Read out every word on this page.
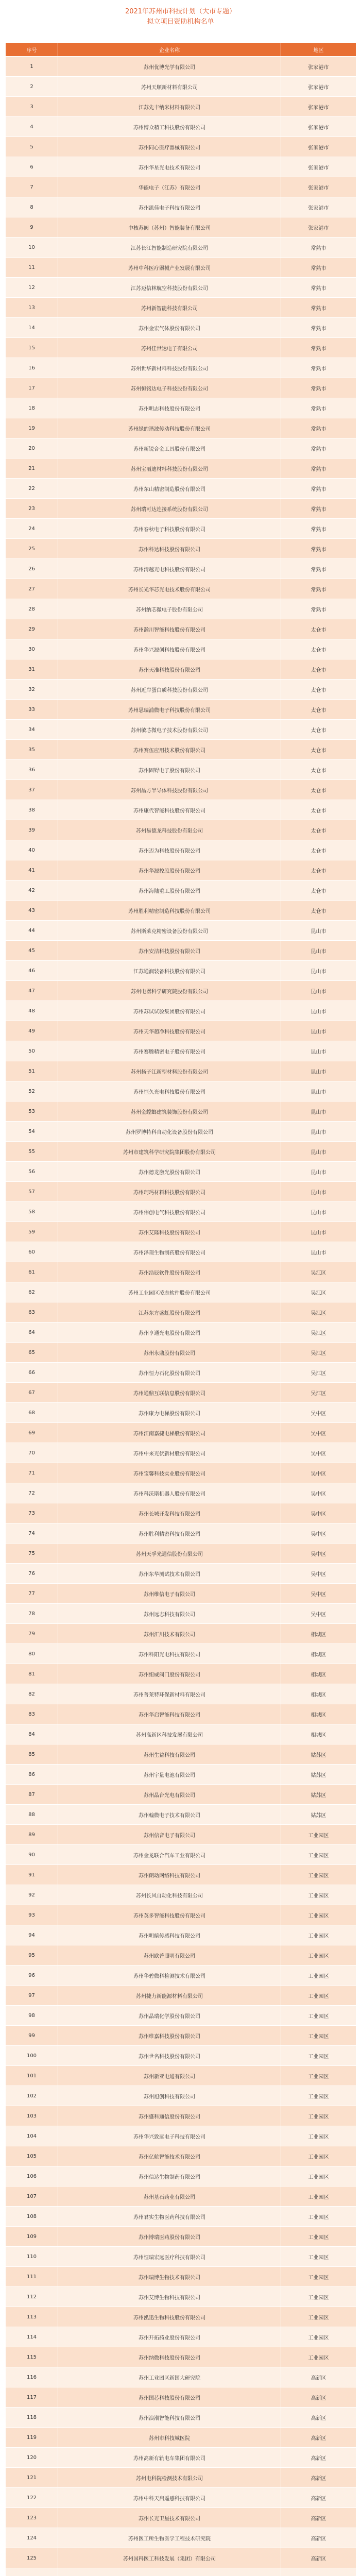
2021年苏州市科技计划（大市专题）
拟立项目资助机构名单
序号	企业名称	地区
1	苏州优博光学有限公司	张家港市
2	苏州天顺新材料有限公司	张家港市
3	江苏先丰纳米材料有限公司	张家港市
4	苏州博众精工科技股份有限公司	张家港市
5	苏州同心医疗器械有限公司	张家港市
6	苏州华星光电技术有限公司	张家港市
7	华能电子（江苏）有限公司	张家港市
8	苏州凯佳电子科技有限公司	张家港市
9	中核苏阀（苏州）智能装备有限公司	张家港市
10	江苏长江智能制造研究院有限公司	常熟市
11	苏州中科医疗器械产业发展有限公司	常熟市
12	江苏迈信林航空科技股份有限公司	常熟市
13	苏州新智能科技有限公司	常熟市
14	苏州金宏气体股份有限公司	常熟市
15	苏州佳世达电子有限公司	常熟市
16	苏州世华新材料科技股份有限公司	常熟市
17	苏州恒铭达电子科技股份有限公司	常熟市
18	苏州明志科技股份有限公司	常熟市
19	苏州绿的谐波传动科技股份有限公司	常熟市
20	苏州新锐合金工具股份有限公司	常熟市
21	苏州宝丽迪材料科技股份有限公司	常熟市
22	苏州东山精密制造股份有限公司	常熟市
23	苏州瑞可达连接系统股份有限公司	常熟市
24	苏州春秋电子科技股份有限公司	常熟市
25	苏州科达科技股份有限公司	常熟市
26	苏州清越光电科技股份有限公司	常熟市
27	苏州长光华芯光电技术股份有限公司	常熟市
28	苏州纳芯微电子股份有限公司	常熟市
29	苏州瀚川智能科技股份有限公司	太仓市
30	苏州华兴源创科技股份有限公司	太仓市
31	苏州天准科技股份有限公司	太仓市
32	苏州近岸蛋白质科技股份有限公司	太仓市
33	苏州思瑞浦微电子科技股份有限公司	太仓市
34	苏州敏芯微电子技术股份有限公司	太仓市
35	苏州赛伍应用技术股份有限公司	太仓市
36	苏州固锝电子股份有限公司	太仓市
37	苏州晶方半导体科技股份有限公司	太仓市
38	苏州康代智能科技股份有限公司	太仓市
39	苏州易德龙科技股份有限公司	太仓市
40	苏州迈为科技股份有限公司	太仓市
41	苏州华源控股股份有限公司	太仓市
42	苏州海陆重工股份有限公司	太仓市
43	苏州胜利精密制造科技股份有限公司	太仓市
44	苏州斯莱克精密设备股份有限公司	昆山市
45	苏州安洁科技股份有限公司	昆山市
46	江苏通润装备科技股份有限公司	昆山市
47	苏州电器科学研究院股份有限公司	昆山市
48	苏州苏试试验集团股份有限公司	昆山市
49	苏州天华超净科技股份有限公司	昆山市
50	苏州赛腾精密电子股份有限公司	昆山市
51	苏州扬子江新型材料股份有限公司	昆山市
52	苏州恒久光电科技股份有限公司	昆山市
53	苏州金螳螂建筑装饰股份有限公司	昆山市
54	苏州罗博特科自动化设备股份有限公司	昆山市
55	苏州市建筑科学研究院集团股份有限公司	昆山市
56	苏州德龙激光股份有限公司	昆山市
57	苏州珂玛材料科技股份有限公司	昆山市
58	苏州伟创电气科技股份有限公司	昆山市
59	苏州艾隆科技股份有限公司	昆山市
60	苏州泽璟生物制药股份有限公司	昆山市
61	苏州浩辰软件股份有限公司	吴江区
62	苏州工业园区凌志软件股份有限公司	吴江区
63	江苏东方盛虹股份有限公司	吴江区
64	苏州亨通光电股份有限公司	吴江区
65	苏州永鼎股份有限公司	吴江区
66	苏州恒力石化股份有限公司	吴江区
67	苏州通鼎互联信息股份有限公司	吴江区
68	苏州康力电梯股份有限公司	吴中区
69	苏州江南嘉捷电梯股份有限公司	吴中区
70	苏州中来光伏新材股份有限公司	吴中区
71	苏州宝馨科技实业股份有限公司	吴中区
72	苏州科沃斯机器人股份有限公司	吴中区
73	苏州长城开发科技有限公司	吴中区
74	苏州胜利精密科技有限公司	吴中区
75	苏州天孚光通信股份有限公司	吴中区
76	苏州东华测试技术有限公司	吴中区
77	苏州维信电子有限公司	吴中区
78	苏州远志科技有限公司	吴中区
79	苏州汇川技术有限公司	相城区
80	苏州科阳光电科技有限公司	相城区
81	苏州纽威阀门股份有限公司	相城区
82	苏州普莱特环保新材料有限公司	相城区
83	苏州华启智能科技有限公司	相城区
84	苏州高新区科技发展有限公司	相城区
85	苏州生益科技有限公司	姑苏区
86	苏州宇量电池有限公司	姑苏区
87	苏州晶台光电有限公司	姑苏区
88	苏州翰微电子技术有限公司	姑苏区
89	苏州信音电子有限公司	工业园区
90	苏州金龙联合汽车工业有限公司	工业园区
91	苏州朗动网络科技有限公司	工业园区
92	苏州长风自动化科技有限公司	工业园区
93	苏州英多智能科技股份有限公司	工业园区
94	苏州明皜传感科技有限公司	工业园区
95	苏州欧普照明有限公司	工业园区
96	苏州华碧微科检测技术有限公司	工业园区
97	苏州捷力新能源材料有限公司	工业园区
98	苏州晶瑞化学股份有限公司	工业园区
99	苏州维嘉科技股份有限公司	工业园区
100	苏州世名科技股份有限公司	工业园区
101	苏州新亚电通有限公司	工业园区
102	苏州旭创科技有限公司	工业园区
103	苏州盛科通信股份有限公司	工业园区
104	苏州华兴致远电子科技有限公司	工业园区
105	苏州亿航智能技术有限公司	工业园区
106	苏州信达生物制药有限公司	工业园区
107	苏州基石药业有限公司	工业园区
108	苏州君实生物医药科技有限公司	工业园区
109	苏州博瑞医药股份有限公司	工业园区
110	苏州恒瑞宏远医疗科技有限公司	工业园区
111	苏州瑞博生物技术有限公司	工业园区
112	苏州艾博生物科技有限公司	工业园区
113	苏州泓迅生物科技股份有限公司	工业园区
114	苏州开拓药业股份有限公司	工业园区
115	苏州纳微科技股份有限公司	工业园区
116	苏州工业园区新国大研究院	高新区
117	苏州国芯科技股份有限公司	高新区
118	苏州浪潮智能科技有限公司	高新区
119	苏州市科技城医院	高新区
120	苏州高新有轨电车集团有限公司	高新区
121	苏州电科院检测技术有限公司	高新区
122	苏州中科天启遥感科技有限公司	高新区
123	苏州长光卫星技术有限公司	高新区
124	苏州医工所生物医学工程技术研究院	高新区
125	苏州国科医工科技发展（集团）有限公司	高新区
